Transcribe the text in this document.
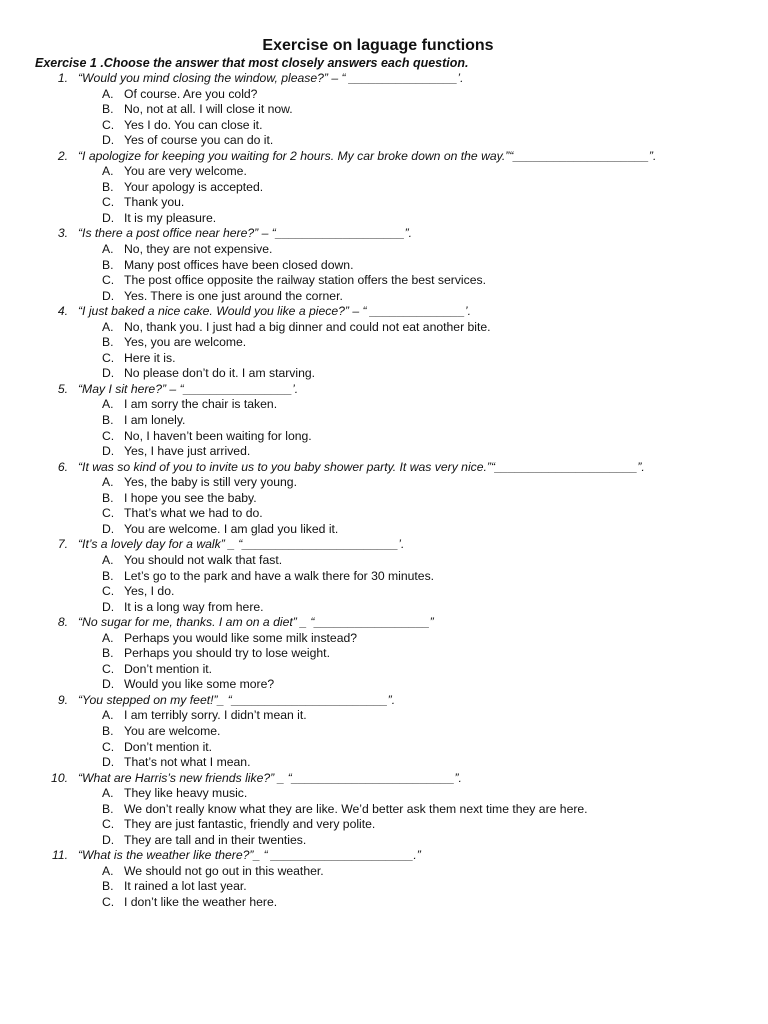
Exercise on laguage functions
Exercise 1 .Choose the answer that most closely answers each question.
1. “Would you mind closing the window, please?” – “ ________________’.
A. Of course. Are you cold?
B. No, not at all. I will close it now.
C. Yes I do. You can close it.
D. Yes of course you can do it.
2. “I apologize for keeping you waiting for 2 hours. My car broke down on the way.”“____________________”.
A. You are very welcome.
B. Your apology is accepted.
C. Thank you.
D. It is my pleasure.
3. “Is there a post office near here?” – “___________________”.
A. No, they are not expensive.
B. Many post offices have been closed down.
C. The post office opposite the railway station offers the best services.
D. Yes. There is one just around the corner.
4. “I just baked a nice cake. Would you like a piece?” – “ ______________’.
A. No, thank you. I just had a big dinner and could not eat another bite.
B. Yes, you are welcome.
C. Here it is.
D. No please don’t do it. I am starving.
5. “May I sit here?” – “________________’.
A. I am sorry the chair is taken.
B. I am lonely.
C. No, I haven’t been waiting for long.
D. Yes, I have just arrived.
6. “It was so kind of you to invite us to you baby shower party. It was very nice.”“_____________________”.
A. Yes, the baby is still very young.
B. I hope you see the baby.
C. That’s what we had to do.
D. You are welcome. I am glad you liked it.
7. “It’s a lovely day for a walk” _ “_______________________’.
A. You should not walk that fast.
B. Let’s go to the park and have a walk there for 30 minutes.
C. Yes, I do.
D. It is a long way from here.
8. “No sugar for me, thanks. I am on a diet” _ “_________________”
A. Perhaps you would like some milk instead?
B. Perhaps you should try to lose weight.
C. Don’t mention it.
D. Would you like some more?
9. “You stepped on my feet!”_ “_______________________”.
A. I am terribly sorry. I didn’t mean it.
B. You are welcome.
C. Don’t mention it.
D. That’s not what I mean.
10. “What are Harris’s new friends like?” _ “________________________”.
A. They like heavy music.
B. We don’t really know what they are like. We’d better ask them next time they are here.
C. They are just fantastic, friendly and very polite.
D. They are tall and in their twenties.
11. “What is the weather like there?”_ “ _____________________.”
A. We should not go out in this weather.
B. It rained a lot last year.
C. I don’t like the weather here.
